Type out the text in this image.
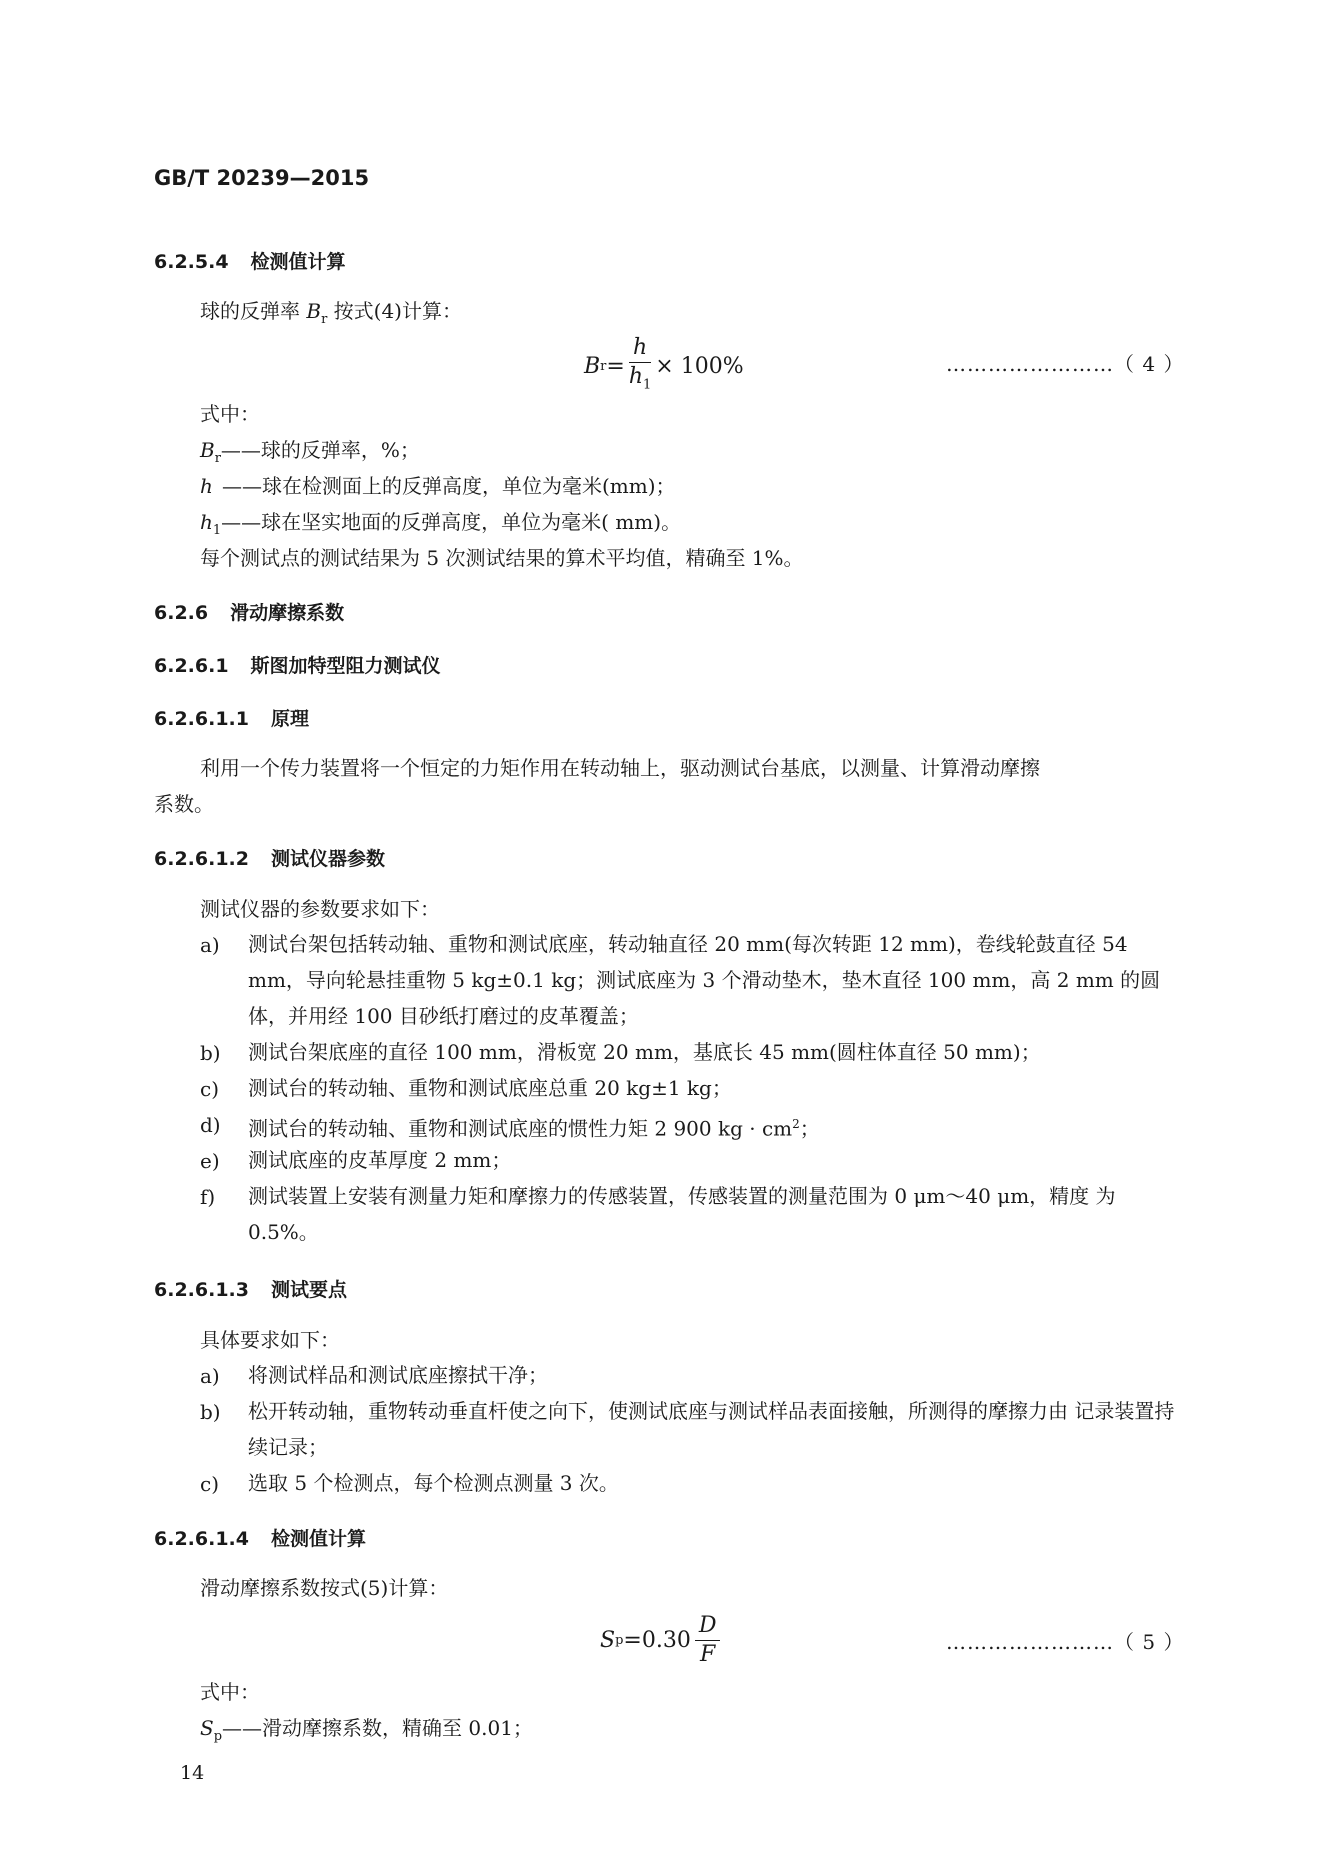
GB/T 20239—2015
6.2.5.4 检测值计算
球的反弹率 $B_r$ 按式(4)计算：
B $r = \frac{h}{h_1} \times 100\%$	……………………（ 4 ）
式中：
$B_r——$球的反弹率，%；
h ——球在检测面上的反弹高度，单位为毫米(mm)；
$h_1——$球在坚实地面的反弹高度，单位为毫米( mm)。
每个测试点的测试结果为 5 次测试结果的算术平均值，精确至 1%。
6.2.6 滑动摩擦系数
6.2.6.1 斯图加特型阻力测试仪
6.2.6.1.1 原理
利用一个传力装置将一个恒定的力矩作用在转动轴上，驱动测试台基底，以测量、计算滑动摩擦
系数。
6.2.6.1.2 测试仪器参数
测试仪器的参数要求如下：
a) 测试台架包括转动轴、重物和测试底座，转动轴直径 20 mm(每次转距 12 mm)，卷线轮鼓直径 54 mm，导向轮悬挂重物 5 kg±0.1 kg；测试底座为 3 个滑动垫木，垫木直径 100 mm，高 2 mm 的圆体，并用经 100 目砂纸打磨过的皮革覆盖；
b) 测试台架底座的直径 100 mm，滑板宽 20 mm，基底长 45 mm(圆柱体直径 50 mm)；
c) 测试台的转动轴、重物和测试底座总重 20 kg±1 kg；
d) 测试台的转动轴、重物和测试底座的惯性力矩 2 900 kg · $cm^2$；
e) 测试底座的皮革厚度 2 mm；
f) 测试装置上安装有测量力矩和摩擦力的传感装置，传感装置的测量范围为 0 μm～40 μm，精度 为 0.5%。
6.2.6.1.3 测试要点
具体要求如下：
a) 将测试样品和测试底座擦拭干净；
b) 松开转动轴，重物转动垂直杆使之向下，使测试底座与测试样品表面接触，所测得的摩擦力由 记录装置持续记录；
c) 选取 5 个检测点，每个检测点测量 3 次。
6.2.6.1.4 检测值计算
滑动摩擦系数按式(5)计算：
S $p =0.30 \frac{D}{F}$	……………………（ 5 ）
式中：
$S_p——$滑动摩擦系数，精确至 0.01；
14
